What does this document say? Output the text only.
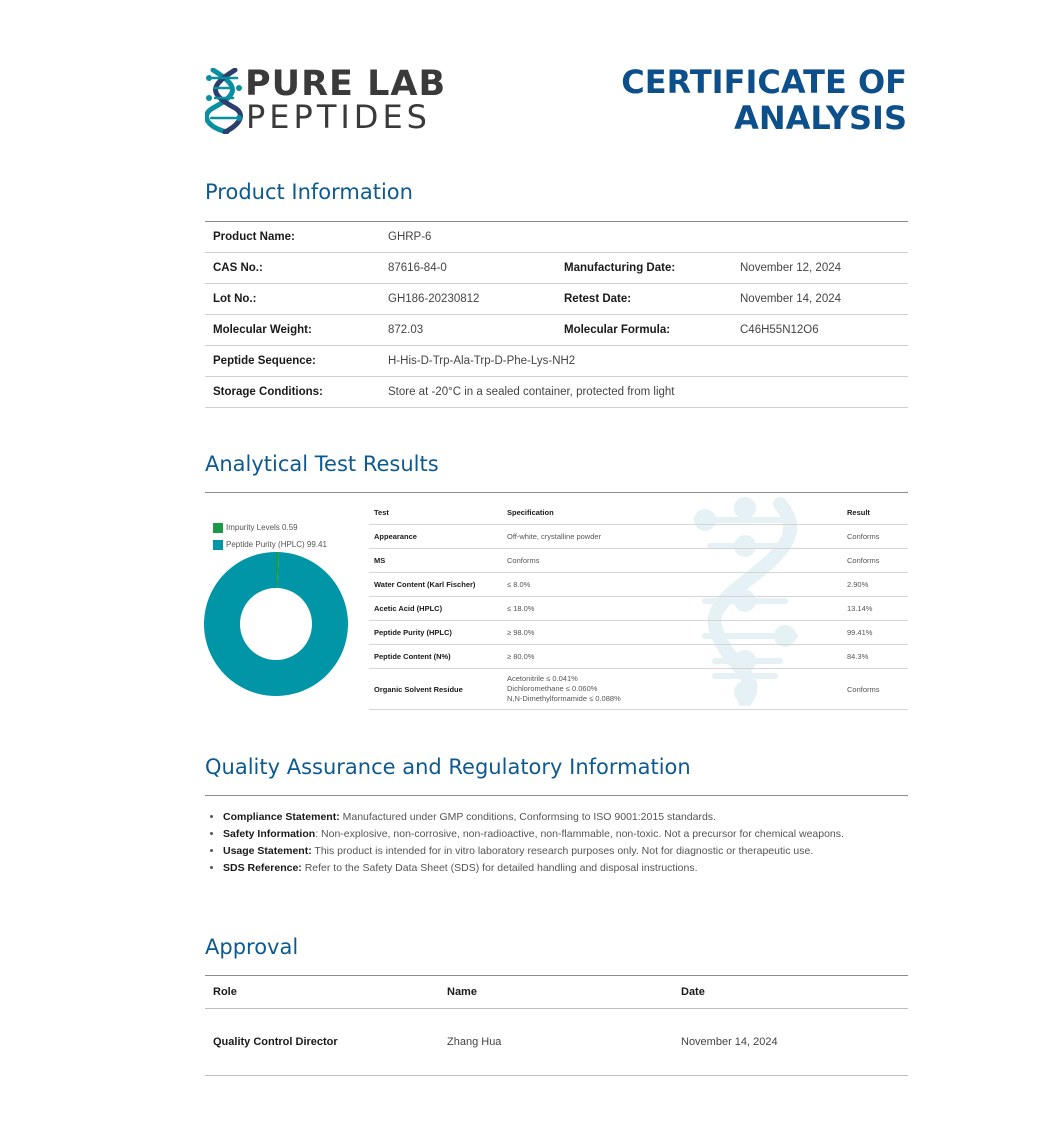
PURE LAB
PEPTIDES
CERTIFICATE OF
ANALYSIS
Product Information
Product Name:	GHRP-6		
CAS No.:	87616-84-0	Manufacturing Date:	November 12, 2024
Lot No.:	GH186-20230812	Retest Date:	November 14, 2024
Molecular Weight:	872.03	Molecular Formula:	C46H55N12O6
Peptide Sequence:	H-His-D-Trp-Ala-Trp-D-Phe-Lys-NH2		
Storage Conditions:	Store at -20°C in a sealed container, protected from light		
Analytical Test Results
Impurity Levels 0.59
Peptide Purity (HPLC) 99.41
Test	Specification	Result
Appearance	Off-white, crystalline powder	Conforms
MS	Conforms	Conforms
Water Content (Karl Fischer)	≤ 8.0%	2.90%
Acetic Acid (HPLC)	≤ 18.0%	13.14%
Peptide Purity (HPLC)	≥ 98.0%	99.41%
Peptide Content (N%)	≥ 80.0%	84.3%
Organic Solvent Residue	Acetonitrile ≤ 0.041%
Dichloromethane ≤ 0.060%
N,N-Dimethylformamide ≤ 0.088%	Conforms
Quality Assurance and Regulatory Information
• Compliance Statement: Manufactured under GMP conditions, Conformsing to ISO 9001:2015 standards.
• Safety Information: Non-explosive, non-corrosive, non-radioactive, non-flammable, non-toxic. Not a precursor for chemical weapons.
• Usage Statement: This product is intended for in vitro laboratory research purposes only. Not for diagnostic or therapeutic use.
• SDS Reference: Refer to the Safety Data Sheet (SDS) for detailed handling and disposal instructions.
Approval
Role	Name	Date
Quality Control Director	Zhang Hua	November 14, 2024
